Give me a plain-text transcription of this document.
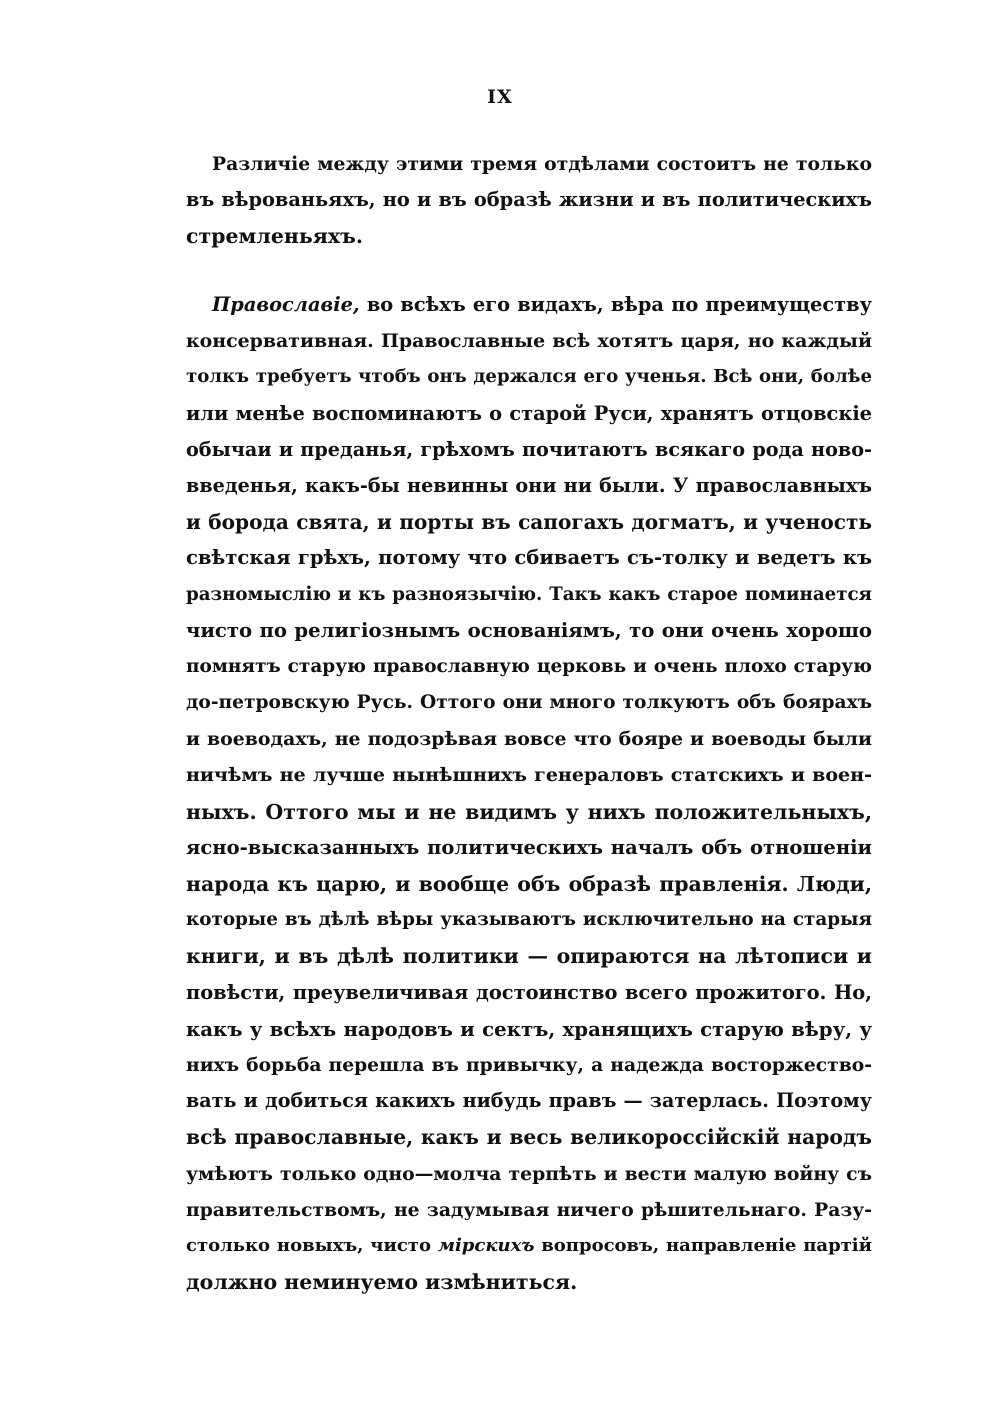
IX
Различiе между этими тремя отдѣлами состоитъ не только
въ вѣрованьяхъ, но и въ образѣ жизни и въ политическихъ
стремленьяхъ.
Православiе, во всѣхъ его видахъ, вѣра по преимуществу
консервативная. Православные всѣ хотятъ царя, но каждый
толкъ требуетъ чтобъ онъ держался его ученья. Всѣ они, болѣе
или менѣе воспоминаютъ о старой Руси, хранятъ отцовскiе
обычаи и преданья, грѣхомъ почитаютъ всякаго рода ново-
введенья, какъ-бы невинны они ни были. У православныхъ
и борода свята, и порты въ сапогахъ догматъ, и ученость
свѣтская грѣхъ, потому что сбиваетъ съ-толку и ведетъ къ
разномыслiю и къ разноязычiю. Такъ какъ старое поминается
чисто по религiознымъ основанiямъ, то они очень хорошо
помнятъ старую православную церковь и очень плохо старую
до-петровскую Русь. Оттого они много толкуютъ объ боярахъ
и воеводахъ, не подозрѣвая вовсе что бояре и воеводы были
ничѣмъ не лучше нынѣшнихъ генераловъ статскихъ и воен-
ныхъ. Оттого мы и не видимъ у нихъ положительныхъ,
ясно-высказанныхъ политическихъ началъ объ отношенiи
народа къ царю, и вообще объ образѣ правленiя. Люди,
которые въ дѣлѣ вѣры указываютъ исключительно на старыя
книги, и въ дѣлѣ политики — опираются на лѣтописи и
повѣсти, преувеличивая достоинство всего прожитого. Но,
какъ у всѣхъ народовъ и сектъ, хранящихъ старую вѣру, у
нихъ борьба перешла въ привычку, а надежда восторжество-
вать и добиться какихъ нибудь правъ — затерлась. Поэтому
всѣ православные, какъ и весь великороссiйскiй народъ
умѣютъ только одно—молча терпѣть и вести малую войну съ
правительствомъ, не задумывая ничего рѣшительнаго. Разу-
столько новыхъ, чисто мiрскихъ вопросовъ, направленiе партiй
должно неминуемо измѣниться.
